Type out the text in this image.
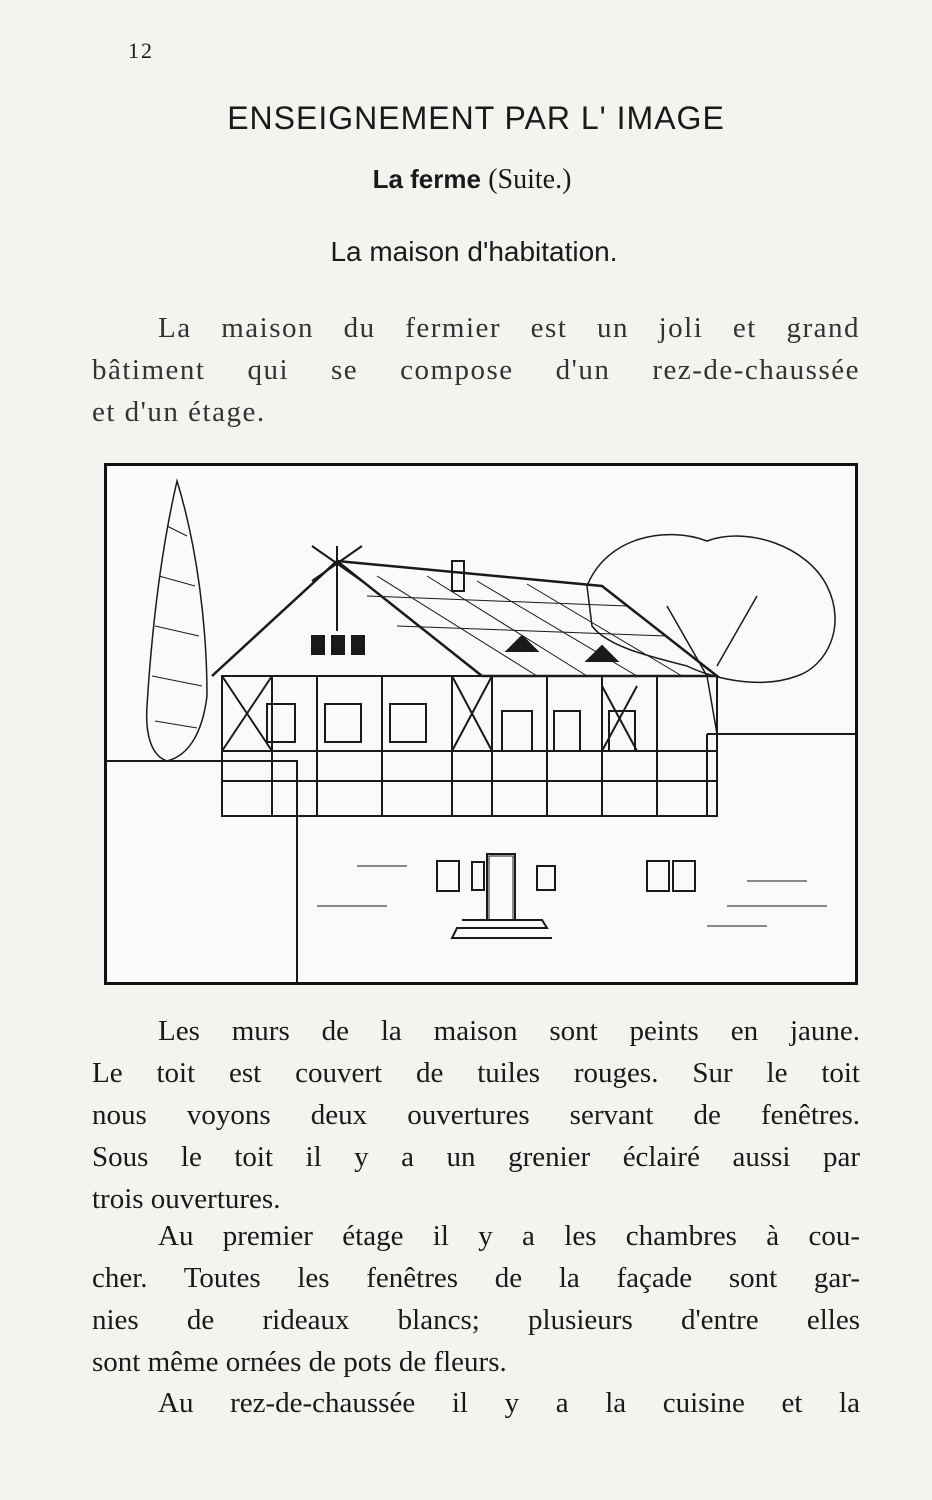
12
ENSEIGNEMENT PAR L' IMAGE
La ferme (Suite.)
La maison d'habitation.
La maison du fermier est un joli et grand
bâtiment qui se compose d'un rez-de-chaussée
et d'un étage.
Les murs de la maison sont peints en jaune.
Le toit est couvert de tuiles rouges. Sur le toit
nous voyons deux ouvertures servant de fenêtres.
Sous le toit il y a un grenier éclairé aussi par
trois ouvertures.
Au premier étage il y a les chambres à cou-
cher. Toutes les fenêtres de la façade sont gar-
nies de rideaux blancs; plusieurs d'entre elles
sont même ornées de pots de fleurs.
Au rez-de-chaussée il y a la cuisine et la
